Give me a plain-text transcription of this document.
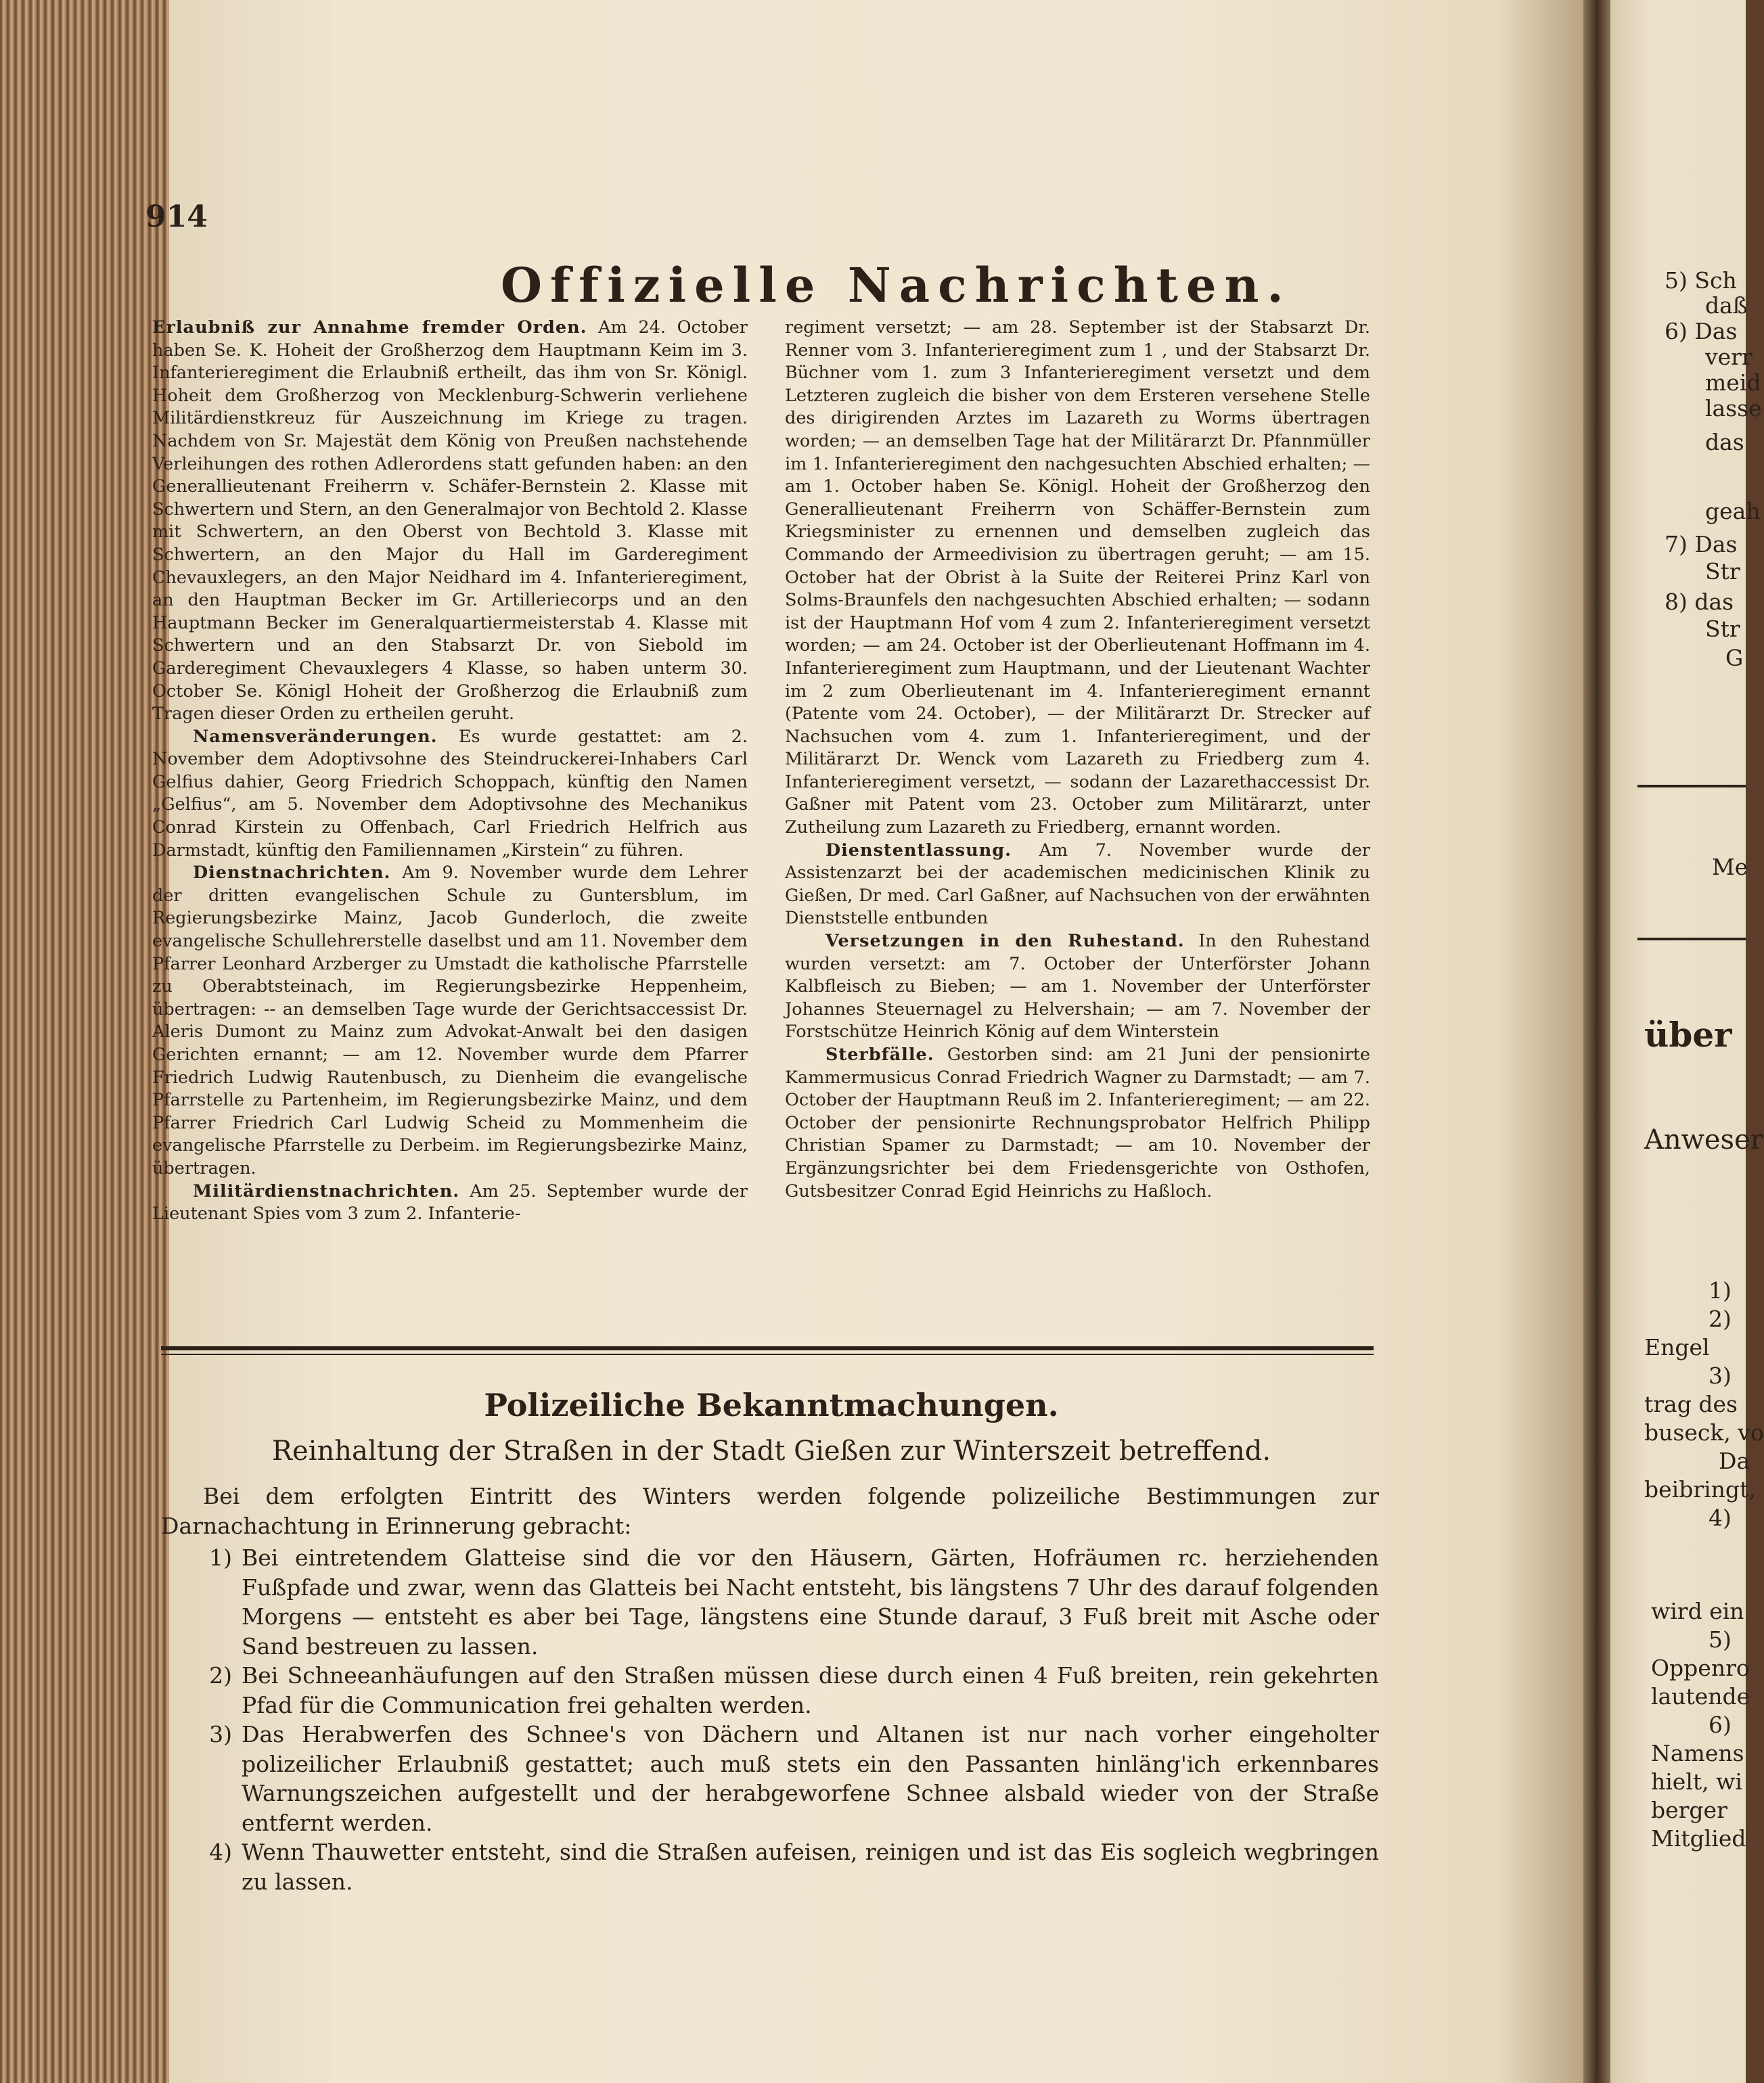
914
Offizielle Nachrichten.

Erlaubniß zur Annahme fremder Orden. Am 24. October haben Se. K. Hoheit der Großherzog dem Hauptmann Keim im 3. Infanterieregiment die Erlaubniß ertheilt, das ihm von Sr. Königl. Hoheit dem Großherzog von Mecklenburg-Schwerin verliehene Militärdienstkreuz für Auszeichnung im Kriege zu tragen. Nachdem von Sr. Majestät dem König von Preußen nachstehende Verleihungen des rothen Adlerordens statt gefunden haben: an den Generallieutenant Freiherrn v. Schäfer-Bernstein 2. Klasse mit Schwertern und Stern, an den Generalmajor von Bechtold 2. Klasse mit Schwertern, an den Oberst von Bechtold 3. Klasse mit Schwertern, an den Major du Hall im Garderegiment Chevauxlegers, an den Major Neidhard im 4. Infanterieregiment, an den Hauptman Becker im Gr. Artilleriecorps und an den Hauptmann Becker im Generalquartiermeisterstab 4. Klasse mit Schwertern und an den Stabsarzt Dr. von Siebold im Garderegiment Chevauxlegers 4 Klasse, so haben unterm 30. October Se. Königl Hoheit der Großherzog die Erlaubniß zum Tragen dieser Orden zu ertheilen geruht.

Namensveränderungen. Es wurde gestattet: am 2. November dem Adoptivsohne des Steindruckerei-Inhabers Carl Gelfius dahier, Georg Friedrich Schoppach, künftig den Namen „Gelfius“, am 5. November dem Adoptivsohne des Mechanikus Conrad Kirstein zu Offenbach, Carl Friedrich Helfrich aus Darmstadt, künftig den Familiennamen „Kirstein“ zu führen.

Dienstnachrichten. Am 9. November wurde dem Lehrer der dritten evangelischen Schule zu Guntersblum, im Regierungsbezirke Mainz, Jacob Gunderloch, die zweite evangelische Schullehrerstelle daselbst und am 11. November dem Pfarrer Leonhard Arzberger zu Umstadt die katholische Pfarrstelle zu Oberabtsteinach, im Regierungsbezirke Heppenheim, übertragen: -- an demselben Tage wurde der Gerichtsaccessist Dr. Aleris Dumont zu Mainz zum Advokat-Anwalt bei den dasigen Gerichten ernannt; — am 12. November wurde dem Pfarrer Friedrich Ludwig Rautenbusch, zu Dienheim die evangelische Pfarrstelle zu Partenheim, im Regierungsbezirke Mainz, und dem Pfarrer Friedrich Carl Ludwig Scheid zu Mommenheim die evangelische Pfarrstelle zu Derbeim. im Regierungsbezirke Mainz, übertragen.

Militärdienstnachrichten. Am 25. September wurde der Lieutenant Spies vom 3 zum 2. Infanterie-

regiment versetzt; — am 28. September ist der Stabsarzt Dr. Renner vom 3. Infanterieregiment zum 1 , und der Stabsarzt Dr. Büchner vom 1. zum 3 Infanterieregiment versetzt und dem Letzteren zugleich die bisher von dem Ersteren versehene Stelle des dirigirenden Arztes im Lazareth zu Worms übertragen worden; — an demselben Tage hat der Militärarzt Dr. Pfannmüller im 1. Infanterieregiment den nachgesuchten Abschied erhalten; — am 1. October haben Se. Königl. Hoheit der Großherzog den Generallieutenant Freiherrn von Schäffer-Bernstein zum Kriegsminister zu ernennen und demselben zugleich das Commando der Armeedivision zu übertragen geruht; — am 15. October hat der Obrist à la Suite der Reiterei Prinz Karl von Solms-Braunfels den nachgesuchten Abschied erhalten; — sodann ist der Hauptmann Hof vom 4 zum 2. Infanterieregiment versetzt worden; — am 24. October ist der Oberlieutenant Hoffmann im 4. Infanterieregiment zum Hauptmann, und der Lieutenant Wachter im 2 zum Oberlieutenant im 4. Infanterieregiment ernannt (Patente vom 24. October), — der Militärarzt Dr. Strecker auf Nachsuchen vom 4. zum 1. Infanterieregiment, und der Militärarzt Dr. Wenck vom Lazareth zu Friedberg zum 4. Infanterieregiment versetzt, — sodann der Lazarethaccessist Dr. Gaßner mit Patent vom 23. October zum Militärarzt, unter Zutheilung zum Lazareth zu Friedberg, ernannt worden.

Dienstentlassung. Am 7. November wurde der Assistenzarzt bei der academischen medicinischen Klinik zu Gießen, Dr med. Carl Gaßner, auf Nachsuchen von der erwähnten Dienststelle entbunden

Versetzungen in den Ruhestand. In den Ruhestand wurden versetzt: am 7. October der Unterförster Johann Kalbfleisch zu Bieben; — am 1. November der Unterförster Johannes Steuernagel zu Helvershain; — am 7. November der Forstschütze Heinrich König auf dem Winterstein

Sterbfälle. Gestorben sind: am 21 Juni der pensionirte Kammermusicus Conrad Friedrich Wagner zu Darmstadt; — am 7. October der Hauptmann Reuß im 2. Infanterieregiment; — am 22. October der pensionirte Rechnungsprobator Helfrich Philipp Christian Spamer zu Darmstadt; — am 10. November der Ergänzungsrichter bei dem Friedensgerichte von Osthofen, Gutsbesitzer Conrad Egid Heinrichs zu Haßloch.

Polizeiliche Bekanntmachungen.
Reinhaltung der Straßen in der Stadt Gießen zur Winterszeit betreffend.

Bei dem erfolgten Eintritt des Winters werden folgende polizeiliche Bestimmungen zur Darnachachtung in Erinnerung gebracht:

1) Bei eintretendem Glatteise sind die vor den Häusern, Gärten, Hofräumen rc. herziehenden Fußpfade und zwar, wenn das Glatteis bei Nacht entsteht, bis längstens 7 Uhr des darauf folgenden Morgens — entsteht es aber bei Tage, längstens eine Stunde darauf, 3 Fuß breit mit Asche oder Sand bestreuen zu lassen.
2) Bei Schneeanhäufungen auf den Straßen müssen diese durch einen 4 Fuß breiten, rein gekehrten Pfad für die Communication frei gehalten werden.
3) Das Herabwerfen des Schnee's von Dächern und Altanen ist nur nach vorher eingeholter polizeilicher Erlaubniß gestattet; auch muß stets ein den Passanten hinläng'ich erkennbares Warnungszeichen aufgestellt und der herabgeworfene Schnee alsbald wieder von der Straße entfernt werden.
4) Wenn Thauwetter entsteht, sind die Straßen aufeisen, reinigen und ist das Eis sogleich wegbringen zu lassen.
5) Sch
daß
6) Das
verr
meid
lasse
das
geah
7) Das
Str
8) das
Str
G
Me
über
Anweser
1)
2)
Engel
3)
trag des
buseck, vo
Da
beibringt,
4)
wird ein
5)
Oppenro
lautende
6)
Namens
hielt, wi
berger
Mitglied
